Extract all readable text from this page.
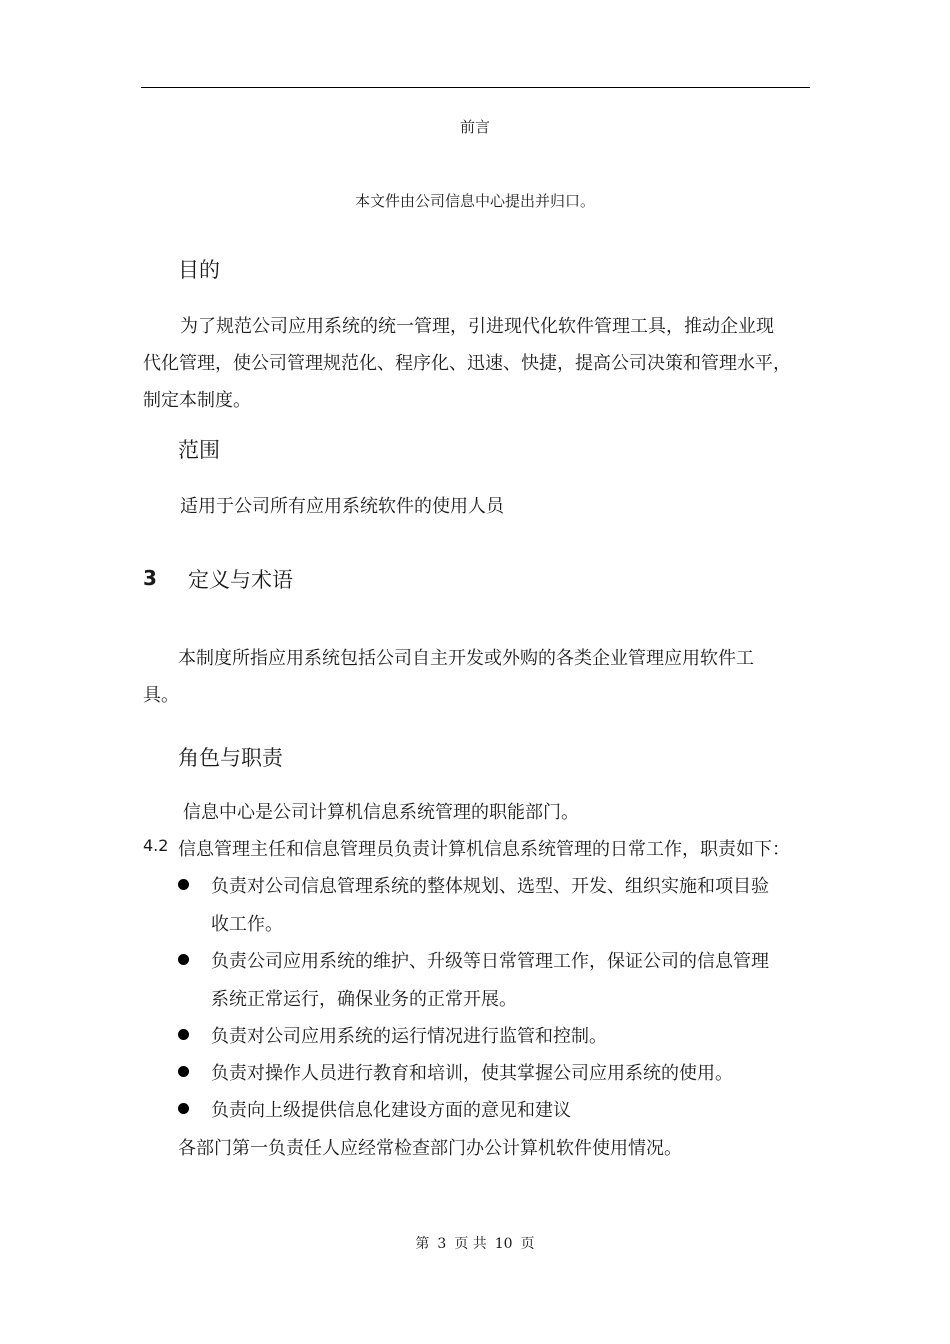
前言
本文件由公司信息中心提出并归口。
目的
为了规范公司应用系统的统一管理，引进现代化软件管理工具，推动企业现
代化管理，使公司管理规范化、程序化、迅速、快捷，提高公司决策和管理水平，
制定本制度。
范围
适用于公司所有应用系统软件的使用人员
3 定义与术语
本制度所指应用系统包括公司自主开发或外购的各类企业管理应用软件工
具。
角色与职责
信息中心是公司计算机信息系统管理的职能部门。
4.2 信息管理主任和信息管理员负责计算机信息系统管理的日常工作，职责如下：
负责对公司信息管理系统的整体规划、选型、开发、组织实施和项目验
收工作。
负责公司应用系统的维护、升级等日常管理工作，保证公司的信息管理
系统正常运行，确保业务的正常开展。
负责对公司应用系统的运行情况进行监管和控制。
负责对操作人员进行教育和培训，使其掌握公司应用系统的使用。
负责向上级提供信息化建设方面的意见和建议
各部门第一负责任人应经常检查部门办公计算机软件使用情况。
第 3 页 共 10 页
